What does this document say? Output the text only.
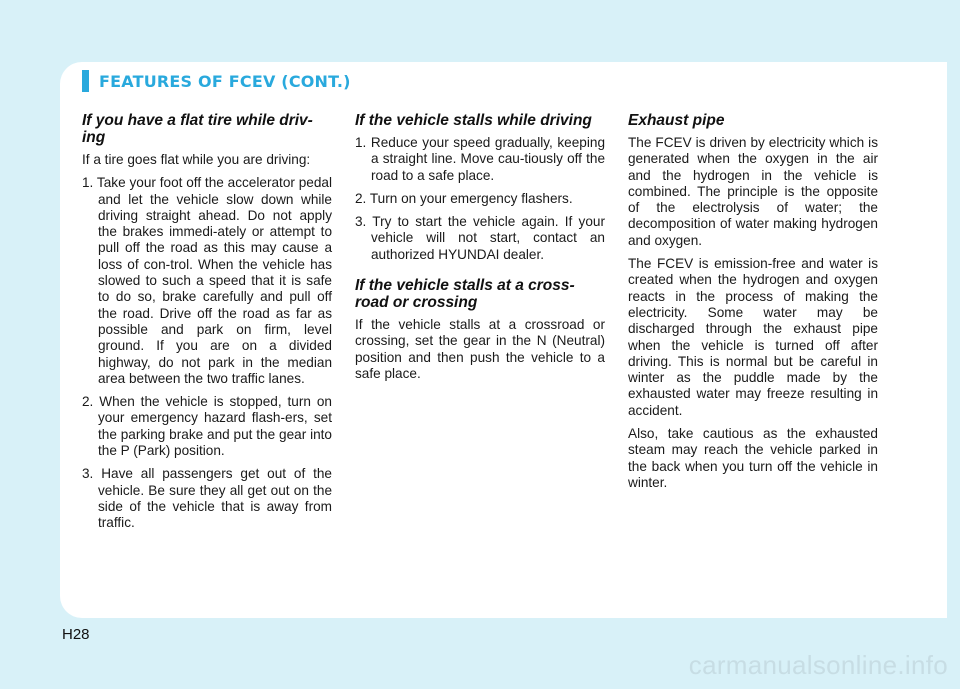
FEATURES OF FCEV (CONT.)
If you have a flat tire while driv-ing

If a tire goes flat while you are driving:

1. Take your foot off the accelerator pedal and let the vehicle slow down while driving straight ahead. Do not apply the brakes immedi-ately or attempt to pull off the road as this may cause a loss of con-trol. When the vehicle has slowed to such a speed that it is safe to do so, brake carefully and pull off the road. Drive off the road as far as possible and park on firm, level ground. If you are on a divided highway, do not park in the median area between the two traffic lanes.
2. When the vehicle is stopped, turn on your emergency hazard flash-ers, set the parking brake and put the gear into the P (Park) position.
3. Have all passengers get out of the vehicle. Be sure they all get out on the side of the vehicle that is away from traffic.
If the vehicle stalls while driving
1. Reduce your speed gradually, keeping a straight line. Move cau-tiously off the road to a safe place.
2. Turn on your emergency flashers.
3. Try to start the vehicle again. If your vehicle will not start, contact an authorized HYUNDAI dealer.
If the vehicle stalls at a cross-road or crossing

If the vehicle stalls at a crossroad or crossing, set the gear in the N (Neutral) position and then push the vehicle to a safe place.

Exhaust pipe

The FCEV is driven by electricity which is generated when the oxygen in the air and the hydrogen in the vehicle is combined. The principle is the opposite of the electrolysis of water; the decomposition of water making hydrogen and oxygen.

The FCEV is emission-free and water is created when the hydrogen and oxygen reacts in the process of making the electricity. Some water may be discharged through the exhaust pipe when the vehicle is turned off after driving. This is normal but be careful in winter as the puddle made by the exhausted water may freeze resulting in accident.

Also, take cautious as the exhausted steam may reach the vehicle parked in the back when you turn off the vehicle in winter.

H28
carmanualsonline.info
